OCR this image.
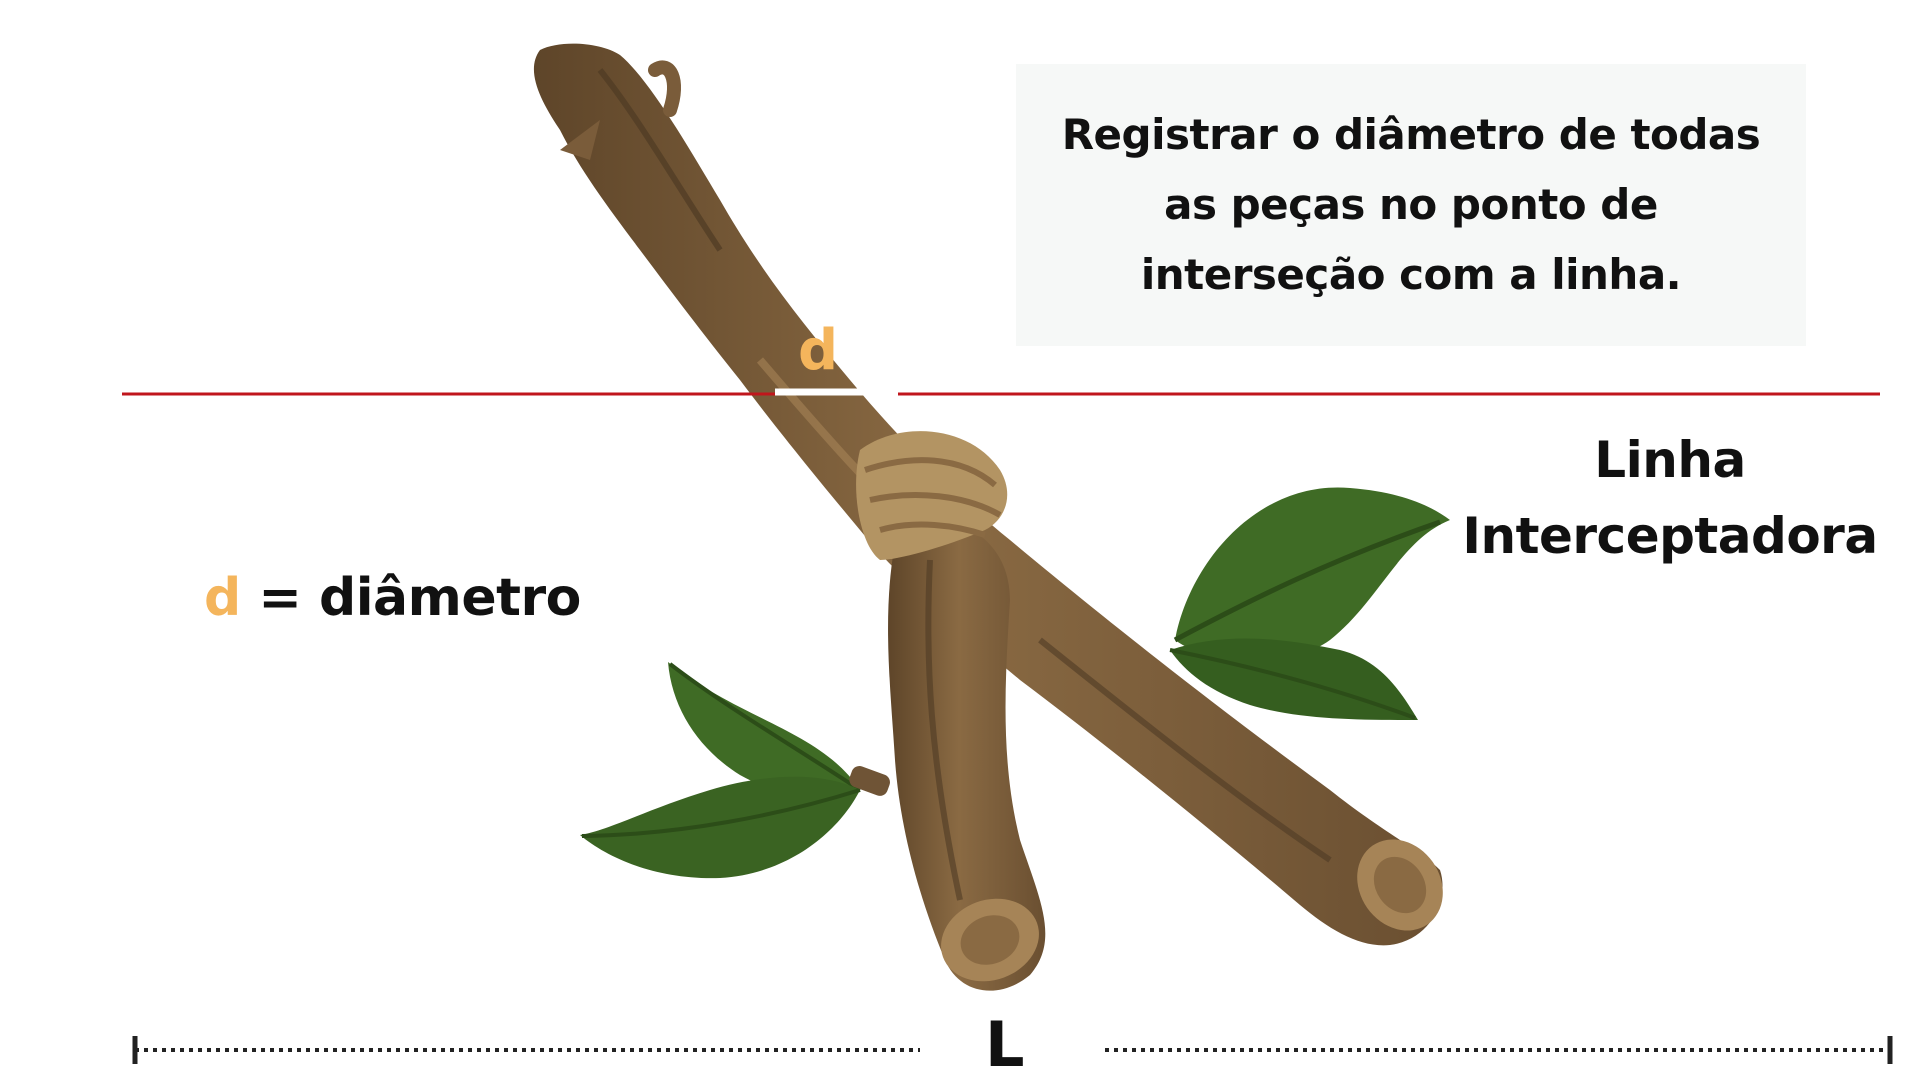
Registrar o diâmetro de todas
as peças no ponto de
interseção com a linha.
Linha
Interceptadora
d
d = diâmetro
L
